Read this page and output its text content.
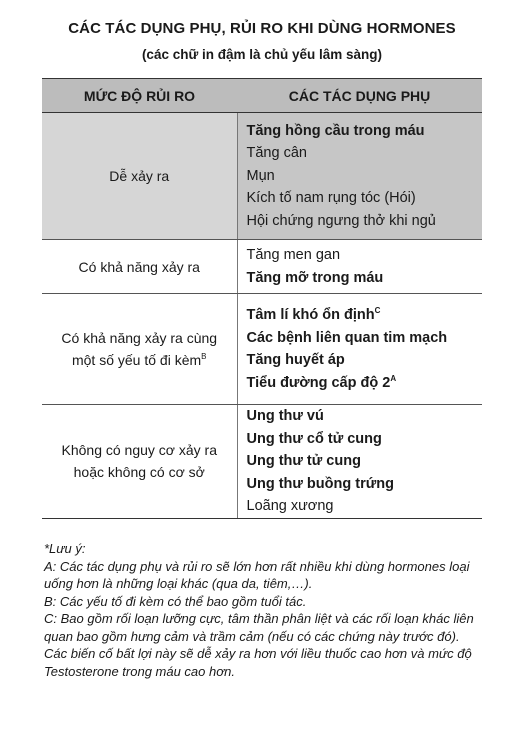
CÁC TÁC DỤNG PHỤ, RỦI RO KHI DÙNG HORMONES
(các chữ in đậm là chủ yếu lâm sàng)
MỨC ĐỘ RỦI RO	CÁC TÁC DỤNG PHỤ
Dễ xảy ra	Tăng hồng cầu trong máu
Tăng cân
Mụn
Kích tố nam rụng tóc (Hói)
Hội chứng ngưng thở khi ngủ

Có khả năng xảy ra	Tăng men gan
Tăng mỡ trong máu

Có khả năng xảy ra cùng một số yếu tố đi kèm$^B$	Tâm lí khó ổn định$^C$
Các bệnh liên quan tim mạch
Tăng huyết áp
Tiểu đường cấp độ $2^A$

Không có nguy cơ xảy ra hoặc không có cơ sở	Ung thư vú
Ung thư cổ tử cung
Ung thư tử cung
Ung thư buồng trứng
Loãng xương

*Lưu ý:

A: Các tác dụng phụ và rủi ro sẽ lớn hơn rất nhiều khi dùng hormones loại uống hơn là những loại khác (qua da, tiêm,…).

B: Các yếu tố đi kèm có thể bao gồm tuổi tác.

C: Bao gồm rối loạn lưỡng cực, tâm thần phân liệt và các rối loạn khác liên quan bao gồm hưng cảm và trầm cảm (nếu có các chứng này trước đó). Các biến cố bất lợi này sẽ dễ xảy ra hơn với liều thuốc cao hơn và mức độ Testosterone trong máu cao hơn.
